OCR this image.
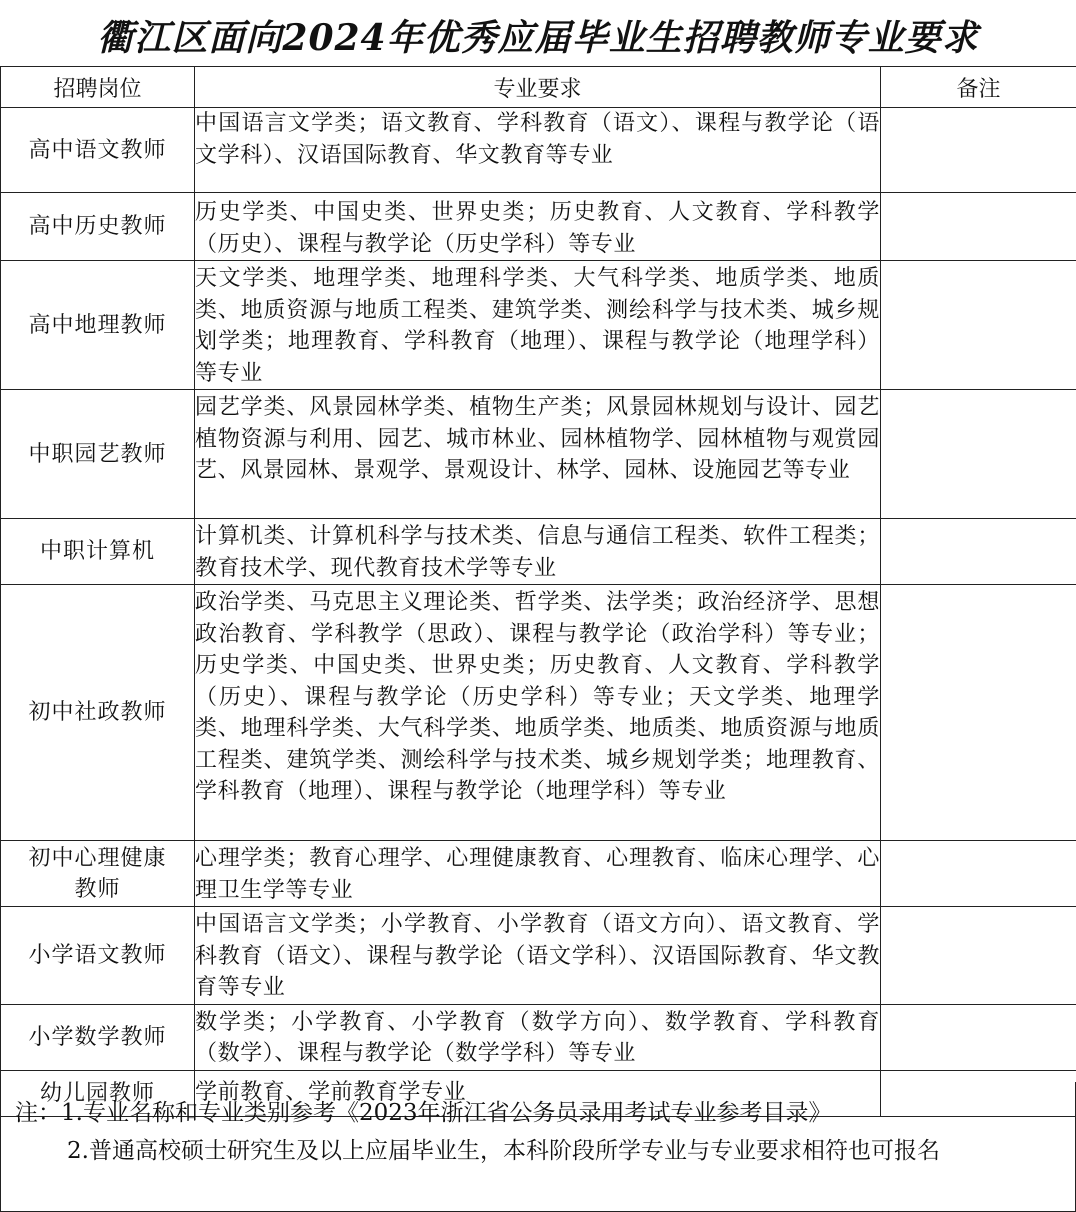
衢江区面向2024年优秀应届毕业生招聘教师专业要求
招聘岗位	专业要求	备注
高中语文教师	中国语言文学类；语文教育、学科教育（语文）、课程与教学论（语文学科）、汉语国际教育、华文教育等专业	
高中历史教师	历史学类、中国史类、世界史类；历史教育、人文教育、学科教学（历史）、课程与教学论（历史学科）等专业	
高中地理教师	天文学类、地理学类、地理科学类、大气科学类、地质学类、地质类、地质资源与地质工程类、建筑学类、测绘科学与技术类、城乡规划学类；地理教育、学科教育（地理）、课程与教学论（地理学科）等专业	
中职园艺教师	园艺学类、风景园林学类、植物生产类；风景园林规划与设计、园艺植物资源与利用、园艺、城市林业、园林植物学、园林植物与观赏园艺、风景园林、景观学、景观设计、林学、园林、设施园艺等专业	
中职计算机	计算机类、计算机科学与技术类、信息与通信工程类、软件工程类；教育技术学、现代教育技术学等专业	
初中社政教师	政治学类、马克思主义理论类、哲学类、法学类；政治经济学、思想政治教育、学科教学（思政）、课程与教学论（政治学科）等专业；历史学类、中国史类、世界史类；历史教育、人文教育、学科教学（历史）、课程与教学论（历史学科）等专业；天文学类、地理学类、地理科学类、大气科学类、地质学类、地质类、地质资源与地质工程类、建筑学类、测绘科学与技术类、城乡规划学类；地理教育、学科教育（地理）、课程与教学论（地理学科）等专业	
初中心理健康教师	心理学类；教育心理学、心理健康教育、心理教育、临床心理学、心理卫生学等专业	
小学语文教师	中国语言文学类；小学教育、小学教育（语文方向）、语文教育、学科教育（语文）、课程与教学论（语文学科）、汉语国际教育、华文教育等专业	
小学数学教师	数学类；小学教育、小学教育（数学方向）、数学教育、学科教育（数学）、课程与教学论（数学学科）等专业	
幼儿园教师	学前教育、学前教育学专业	
注：1.专业名称和专业类别参考《2023年浙江省公务员录用考试专业参考目录》
2.普通高校硕士研究生及以上应届毕业生，本科阶段所学专业与专业要求相符也可报名
